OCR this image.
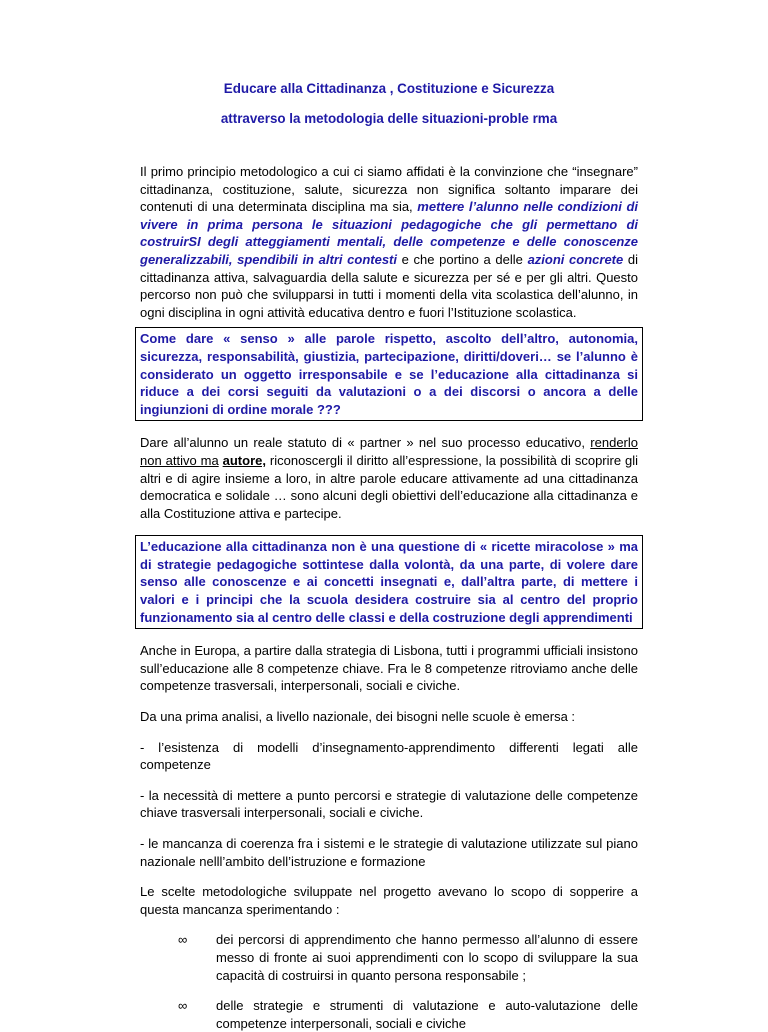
Educare alla Cittadinanza , Costituzione e Sicurezza
attraverso la metodologia delle situazioni-proble rma

Il primo principio metodologico a cui ci siamo affidati è la convinzione che “insegnare” cittadinanza, costituzione, salute, sicurezza non significa soltanto imparare dei contenuti di una determinata disciplina ma sia, mettere l’alunno nelle condizioni di vivere in prima persona le situazioni pedagogiche che gli permettano di costruirSI degli atteggiamenti mentali, delle competenze e delle conoscenze generalizzabili, spendibili in altri contesti e che portino a delle azioni concrete di cittadinanza attiva, salvaguardia della salute e sicurezza per sé e per gli altri. Questo percorso non può che svilupparsi in tutti i momenti della vita scolastica dell’alunno, in ogni disciplina in ogni attività educativa dentro e fuori l’Istituzione scolastica.

Come dare « senso » alle parole rispetto, ascolto dell’altro, autonomia, sicurezza, responsabilità, giustizia, partecipazione, diritti/doveri… se l’alunno è considerato un oggetto irresponsabile e se l’educazione alla cittadinanza si riduce a dei corsi seguiti da valutazioni o a dei discorsi o ancora a delle ingiunzioni di ordine morale ???

Dare all’alunno un reale statuto di « partner » nel suo processo educativo, renderlo non attivo ma autore, riconoscergli il diritto all’espressione, la possibilità di scoprire gli altri e di agire insieme a loro, in altre parole educare attivamente ad una cittadinanza democratica e solidale … sono alcuni degli obiettivi dell’educazione alla cittadinanza e alla Costituzione attiva e partecipe.

L’educazione alla cittadinanza non è una questione di « ricette miracolose » ma di strategie pedagogiche sottintese dalla volontà, da una parte, di volere dare senso alle conoscenze e ai concetti insegnati e, dall’altra parte, di mettere i valori e i principi che la scuola desidera costruire sia al centro del proprio funzionamento sia al centro delle classi e della costruzione degli apprendimenti

Anche in Europa, a partire dalla strategia di Lisbona, tutti i programmi ufficiali insistono sull’educazione alle 8 competenze chiave. Fra le 8 competenze ritroviamo anche delle competenze trasversali, interpersonali, sociali e civiche.

Da una prima analisi, a livello nazionale, dei bisogni nelle scuole è emersa :

- l’esistenza di modelli d’insegnamento-apprendimento differenti legati alle competenze

- la necessità di mettere a punto percorsi e strategie di valutazione delle competenze chiave trasversali interpersonali, sociali e civiche.

- le mancanza di coerenza fra i sistemi e le strategie di valutazione utilizzate sul piano nazionale nelll’ambito dell’istruzione e formazione

Le scelte metodologiche sviluppate nel progetto avevano lo scopo di sopperire a questa mancanza sperimentando :

∞ dei percorsi di apprendimento che hanno permesso all’alunno di essere messo di fronte ai suoi apprendimenti con lo scopo di sviluppare la sua capacità di costruirsi in quanto persona responsabile ;
∞ delle strategie e strumenti di valutazione e auto-valutazione delle competenze interpersonali, sociali e civiche
